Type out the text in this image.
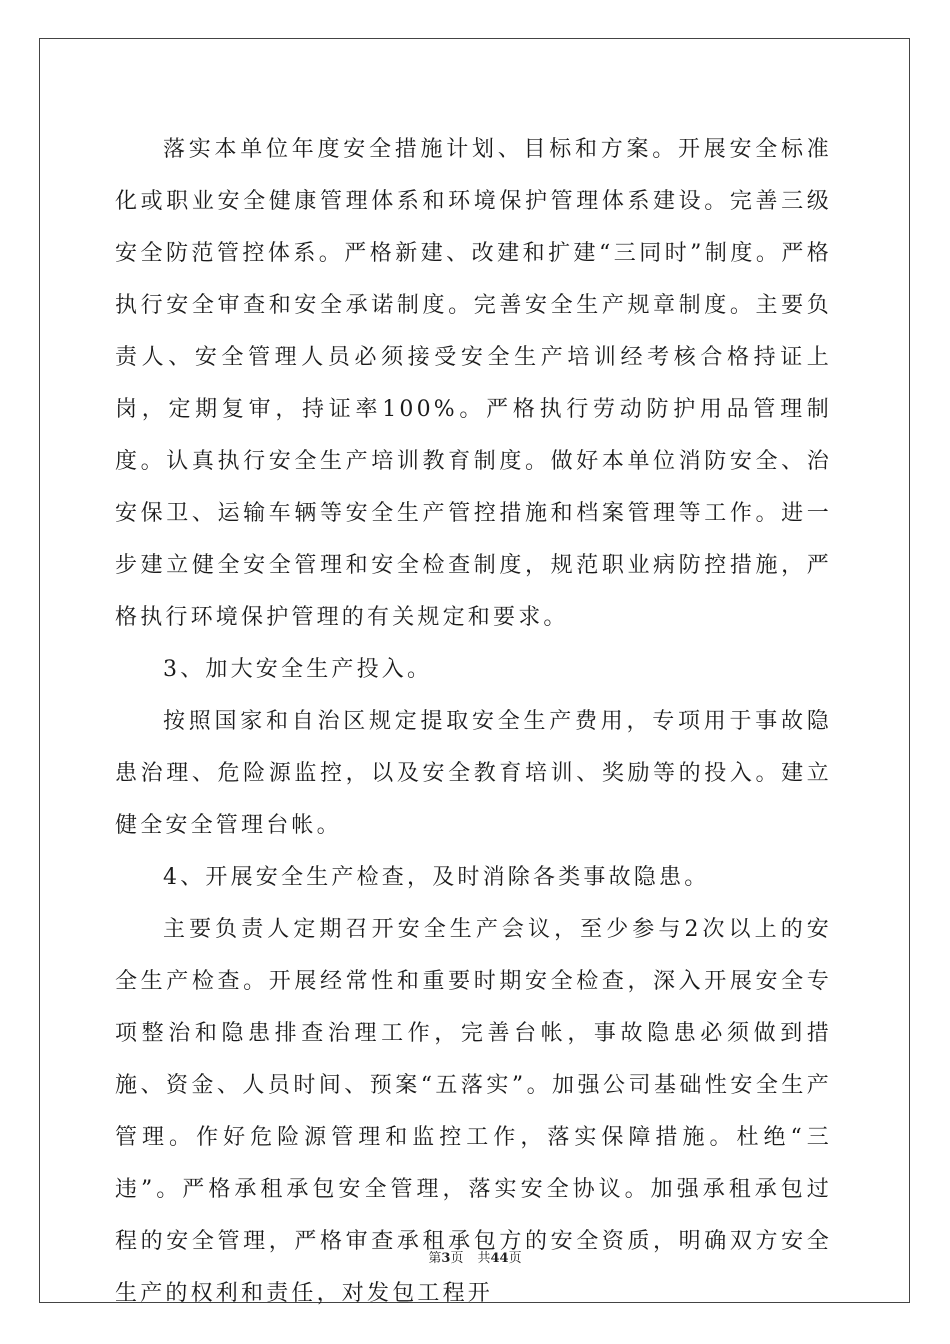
落实本单位年度安全措施计划、目标和方案。开展安全标准化或职业安全健康管理体系和环境保护管理体系建设。完善三级安全防范管控体系。严格新建、改建和扩建“三同时”制度。严格执行安全审查和安全承诺制度。完善安全生产规章制度。主要负责人、安全管理人员必须接受安全生产培训经考核合格持证上岗，定期复审，持证率100%。严格执行劳动防护用品管理制度。认真执行安全生产培训教育制度。做好本单位消防安全、治安保卫、运输车辆等安全生产管控措施和档案管理等工作。进一步建立健全安全管理和安全检查制度，规范职业病防控措施，严格执行环境保护管理的有关规定和要求。

3、加大安全生产投入。

按照国家和自治区规定提取安全生产费用，专项用于事故隐患治理、危险源监控，以及安全教育培训、奖励等的投入。建立健全安全管理台帐。

4、开展安全生产检查，及时消除各类事故隐患。

主要负责人定期召开安全生产会议，至少参与2次以上的安全生产检查。开展经常性和重要时期安全检查，深入开展安全专项整治和隐患排查治理工作，完善台帐，事故隐患必须做到措施、资金、人员时间、预案“五落实”。加强公司基础性安全生产管理。作好危险源管理和监控工作，落实保障措施。杜绝“三违”。严格承租承包安全管理，落实安全协议。加强承租承包过程的安全管理，严格审查承租承包方的安全资质，明确双方安全生产的权利和责任，对发包工程开

第3页 共44页
